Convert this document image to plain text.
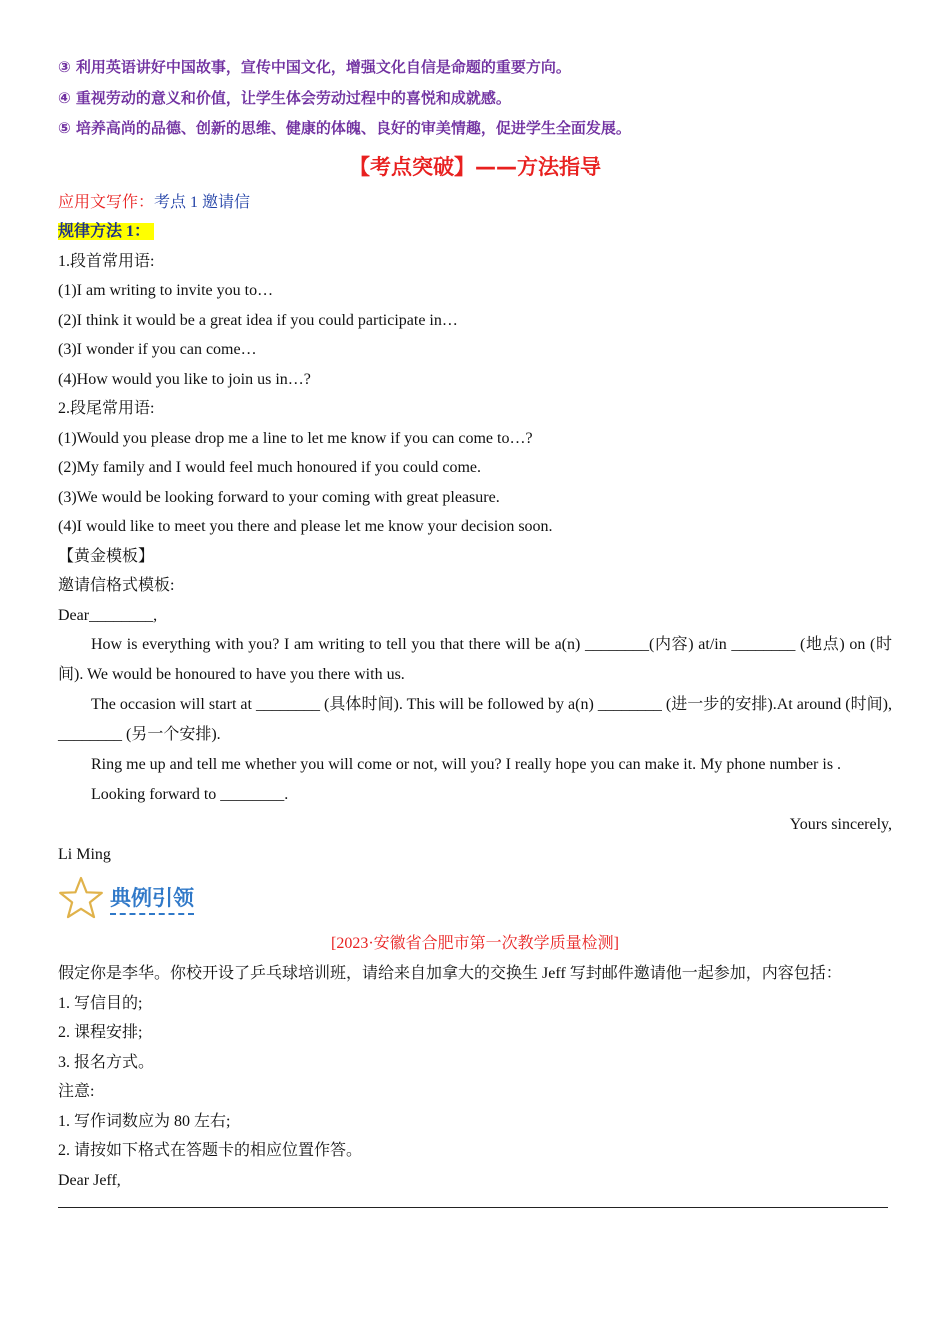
③ 利用英语讲好中国故事，宣传中国文化，增强文化自信是命题的重要方向。
④ 重视劳动的意义和价值，让学生体会劳动过程中的喜悦和成就感。
⑤ 培养高尚的品德、创新的思维、健康的体魄、良好的审美情趣，促进学生全面发展。
【考点突破】——方法指导
应用文写作：考点 1 邀请信
规律方法 1：
1.段首常用语:
(1)I am writing to invite you to…
(2)I think it would be a great idea if you could participate in…
(3)I wonder if you can come…
(4)How would you like to join us in…?
2.段尾常用语:
(1)Would you please drop me a line to let me know if you can come to…?
(2)My family and I would feel much honoured if you could come.
(3)We would be looking forward to your coming with great pleasure.
(4)I would like to meet you there and please let me know your decision soon.
【黄金模板】
邀请信格式模板:
Dear________,
How is everything with you? I am writing to tell you that there will be a(n) ________(内容) at/in ________ (地点) on (时间). We would be honoured to have you there with us.
The occasion will start at ________ (具体时间). This will be followed by a(n) ________ (进一步的安排).At around (时间), ________ (另一个安排).
Ring me up and tell me whether you will come or not, will you? I really hope you can make it. My phone number is .
Looking forward to ________.
Yours sincerely,
Li Ming
典例引领
[2023·安徽省合肥市第一次教学质量检测]
假定你是李华。你校开设了乒乓球培训班，请给来自加拿大的交换生 Jeff 写封邮件邀请他一起参加，内容包括：
1. 写信目的;
2. 课程安排;
3. 报名方式。
注意:
1. 写作词数应为 80 左右;
2. 请按如下格式在答题卡的相应位置作答。
Dear Jeff,
